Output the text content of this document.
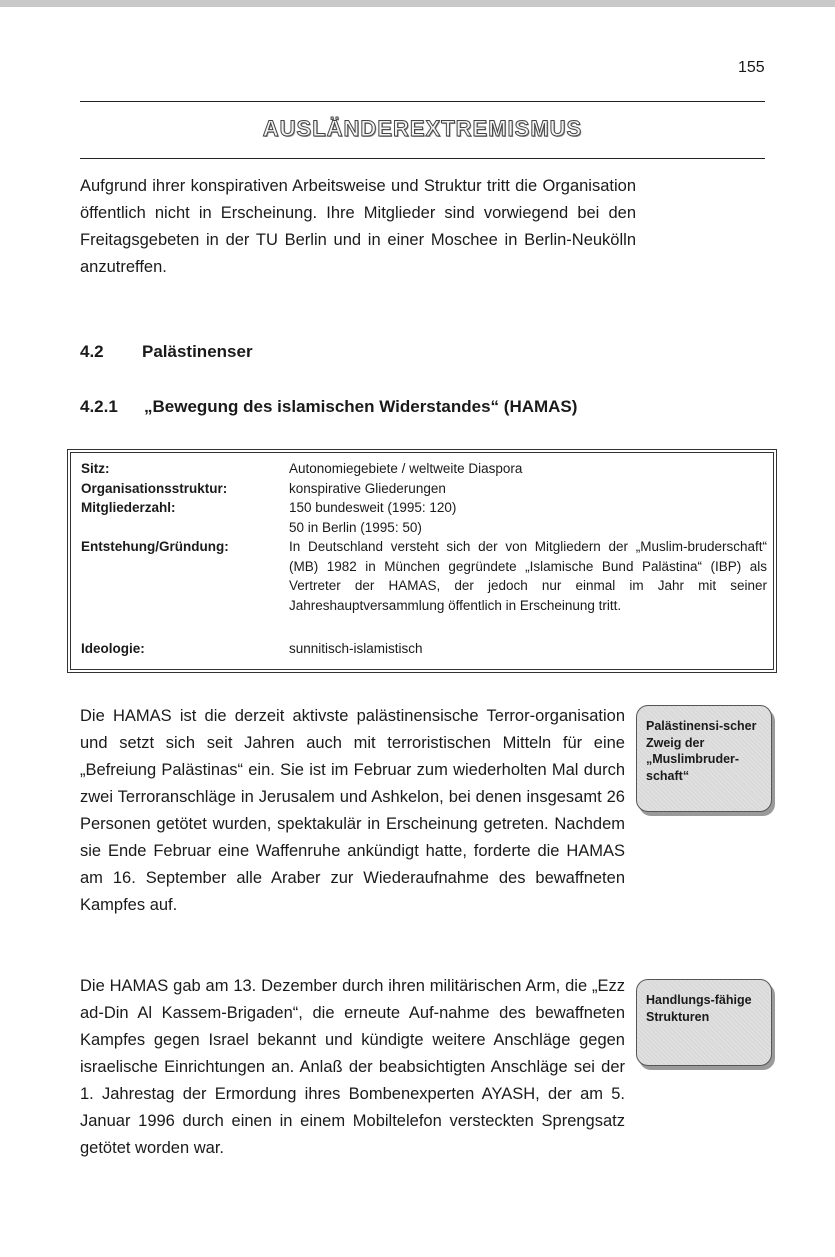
155
AUSLÄNDEREXTREMISMUS

Aufgrund ihrer konspirativen Arbeitsweise und Struktur tritt die Organisation öffentlich nicht in Erscheinung. Ihre Mitglieder sind vorwiegend bei den Freitagsgebeten in der TU Berlin und in einer Moschee in Berlin-Neukölln anzutreffen.

4.2 Palästinenser
4.2.1 „Bewegung des islamischen Widerstandes“ (HAMAS)
Sitz:	Autonomiegebiete / weltweite Diaspora
Organisationsstruktur:	konspirative Gliederungen
Mitgliederzahl:	150 bundesweit (1995: 120)
50 in Berlin (1995: 50)
Entstehung/Gründung:	In Deutschland versteht sich der von Mitgliedern der „Muslim-bruderschaft“ (MB) 1982 in München gegründete „Islamische Bund Palästina“ (IBP) als Vertreter der HAMAS, der jedoch nur einmal im Jahr mit seiner Jahreshauptversammlung öffentlich in Erscheinung tritt.
Ideologie:	sunnitisch-islamistisch

Die HAMAS ist die derzeit aktivste palästinensische Terror-organisation und setzt sich seit Jahren auch mit terroristischen Mitteln für eine „Befreiung Palästinas“ ein. Sie ist im Februar zum wiederholten Mal durch zwei Terroranschläge in Jerusalem und Ashkelon, bei denen insgesamt 26 Personen getötet wurden, spektakulär in Erscheinung getreten. Nachdem sie Ende Februar eine Waffenruhe ankündigt hatte, forderte die HAMAS am 16. September alle Araber zur Wiederaufnahme des bewaffneten Kampfes auf.

Palästinensi-scher Zweig der „Muslimbruder-schaft“

Die HAMAS gab am 13. Dezember durch ihren militärischen Arm, die „Ezz ad-Din Al Kassem-Brigaden“, die erneute Auf-nahme des bewaffneten Kampfes gegen Israel bekannt und kündigte weitere Anschläge gegen israelische Einrichtungen an. Anlaß der beabsichtigten Anschläge sei der 1. Jahrestag der Ermordung ihres Bombenexperten AYASH, der am 5. Januar 1996 durch einen in einem Mobiltelefon versteckten Sprengsatz getötet worden war.

Handlungs-fähige Strukturen
